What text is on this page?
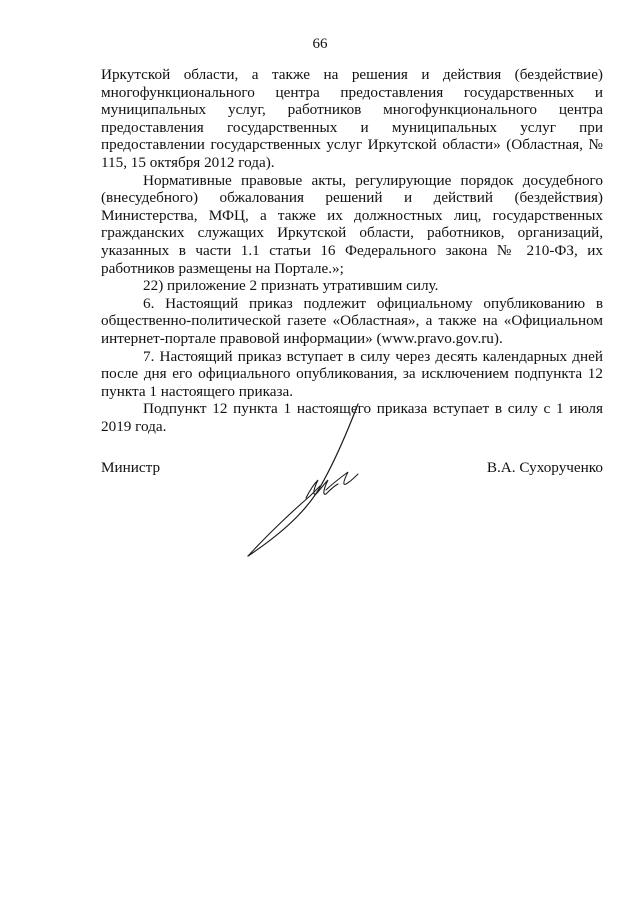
66

Иркутской области, а также на решения и действия (бездействие) многофункционального центра предоставления государственных и муниципальных услуг, работников многофункционального центра предоставления государственных и муниципальных услуг при предоставлении государственных услуг Иркутской области» (Областная, № 115, 15 октября 2012 года).

Нормативные правовые акты, регулирующие порядок досудебного (внесудебного) обжалования решений и действий (бездействия) Министерства, МФЦ, а также их должностных лиц, государственных гражданских служащих Иркутской области, работников, организаций, указанных в части 1.1 статьи 16 Федерального закона № 210-ФЗ, их работников размещены на Портале.»;

22) приложение 2 признать утратившим силу.

6. Настоящий приказ подлежит официальному опубликованию в общественно-политической газете «Областная», а также на «Официальном интернет-портале правовой информации» (www.pravo.gov.ru).

7. Настоящий приказ вступает в силу через десять календарных дней после дня его официального опубликования, за исключением подпункта 12 пункта 1 настоящего приказа.

Подпункт 12 пункта 1 настоящего приказа вступает в силу с 1 июля 2019 года.

Министр	В.А. Сухорученко
